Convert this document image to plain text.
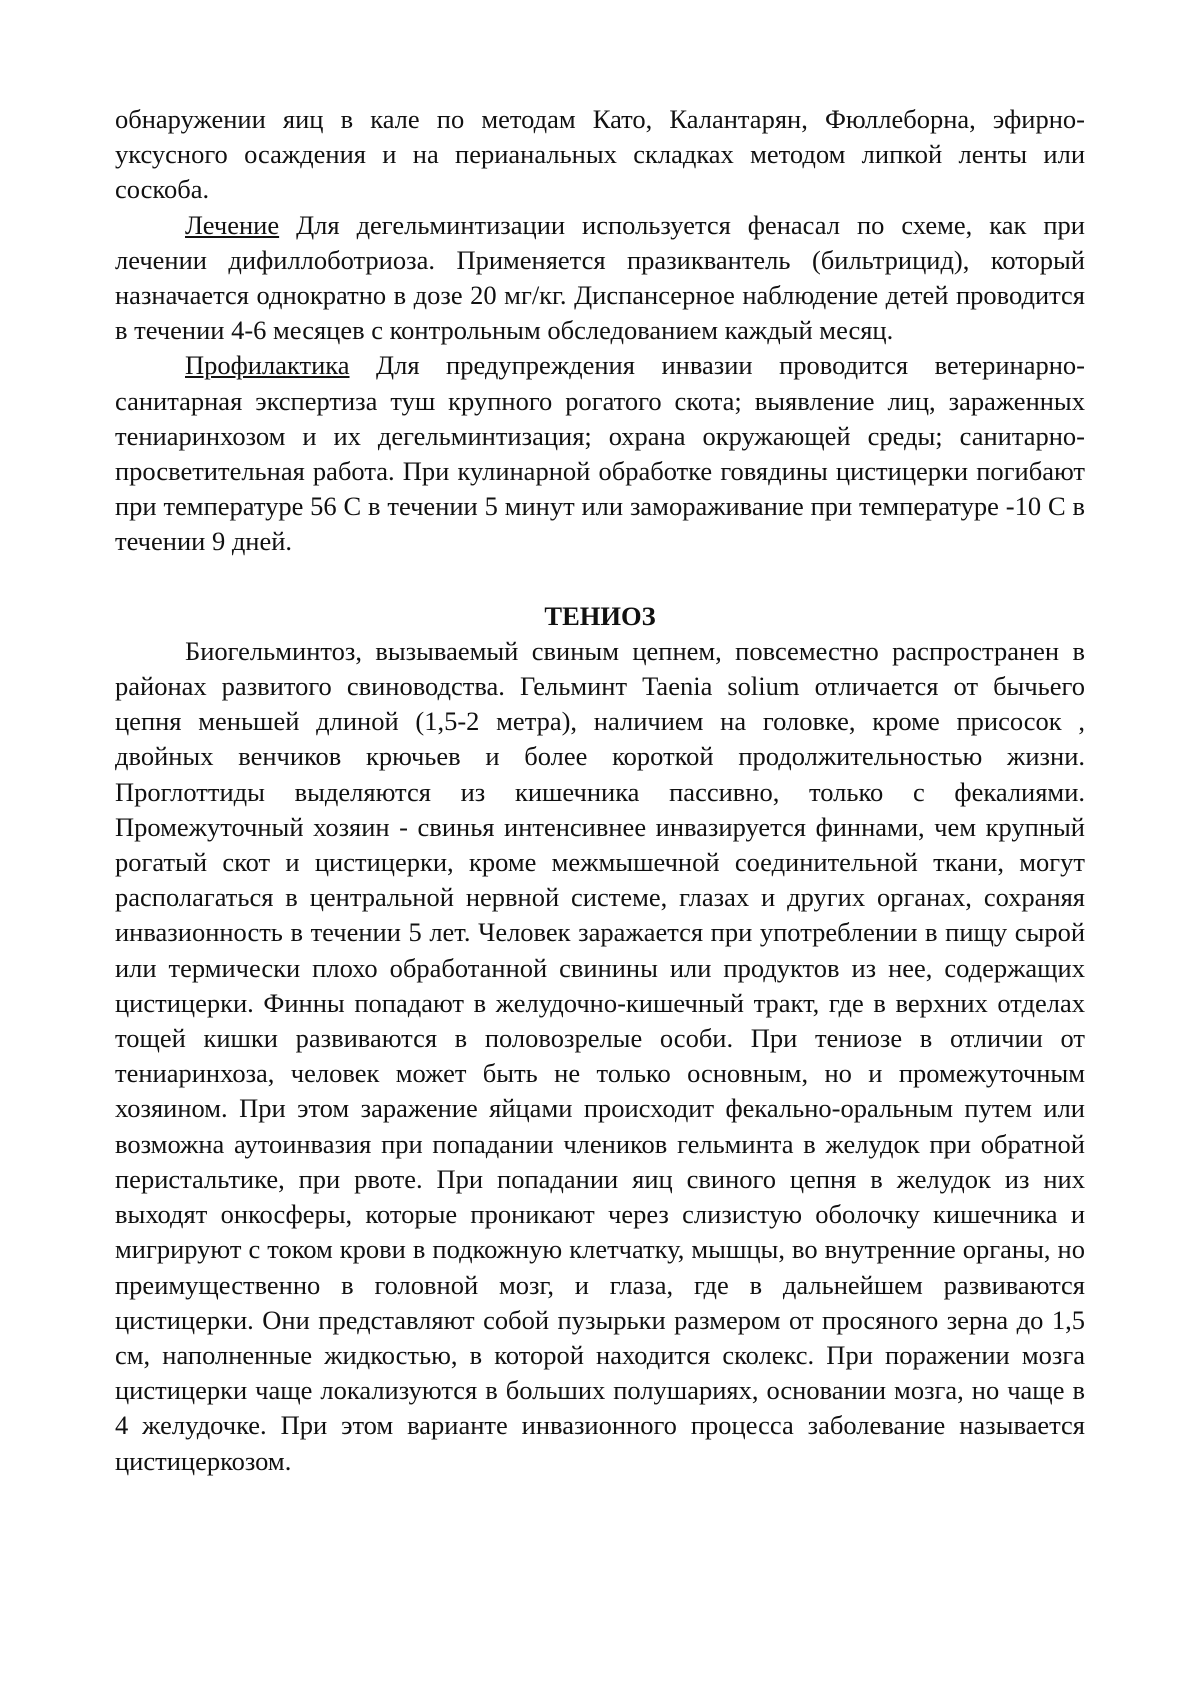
обнаружении яиц в кале по методам Като, Калантарян, Фюллеборна, эфирно-уксусного осаждения и на перианальных складках методом липкой ленты или соскоба.

Лечение Для дегельминтизации используется фенасал по схеме, как при лечении дифиллоботриоза. Применяется празиквантель (бильтрицид), который назначается однократно в дозе 20 мг/кг. Диспансерное наблюдение детей проводится в течении 4-6 месяцев с контрольным обследованием каждый месяц.

Профилактика Для предупреждения инвазии проводится ветеринарно-санитарная экспертиза туш крупного рогатого скота; выявление лиц, зараженных тениаринхозом и их дегельминтизация; охрана окружающей среды; санитарно-просветительная работа. При кулинарной обработке говядины цистицерки погибают при температуре 56 С в течении 5 минут или замораживание при температуре -10 С в течении 9 дней.

ТЕНИОЗ

Биогельминтоз, вызываемый свиным цепнем, повсеместно распространен в районах развитого свиноводства. Гельминт Taenia solium отличается от бычьего цепня меньшей длиной (1,5-2 метра), наличием на головке, кроме присосок , двойных венчиков крючьев и более короткой продолжительностью жизни. Проглоттиды выделяются из кишечника пассивно, только с фекалиями. Промежуточный хозяин - свинья интенсивнее инвазируется финнами, чем крупный рогатый скот и цистицерки, кроме межмышечной соединительной ткани, могут располагаться в центральной нервной системе, глазах и других органах, сохраняя инвазионность в течении 5 лет. Человек заражается при употреблении в пищу сырой или термически плохо обработанной свинины или продуктов из нее, содержащих цистицерки. Финны попадают в желудочно-кишечный тракт, где в верхних отделах тощей кишки развиваются в половозрелые особи. При тениозе в отличии от тениаринхоза, человек может быть не только основным, но и промежуточным хозяином. При этом заражение яйцами происходит фекально-оральным путем или возможна аутоинвазия при попадании члеников гельминта в желудок при обратной перистальтике, при рвоте. При попадании яиц свиного цепня в желудок из них выходят онкосферы, которые проникают через слизистую оболочку кишечника и мигрируют с током крови в подкожную клетчатку, мышцы, во внутренние органы, но преимущественно в головной мозг, и глаза, где в дальнейшем развиваются цистицерки. Они представляют собой пузырьки размером от просяного зерна до 1,5 см, наполненные жидкостью, в которой находится сколекс. При поражении мозга цистицерки чаще локализуются в больших полушариях, основании мозга, но чаще в 4 желудочке. При этом варианте инвазионного процесса заболевание называется цистицеркозом.
